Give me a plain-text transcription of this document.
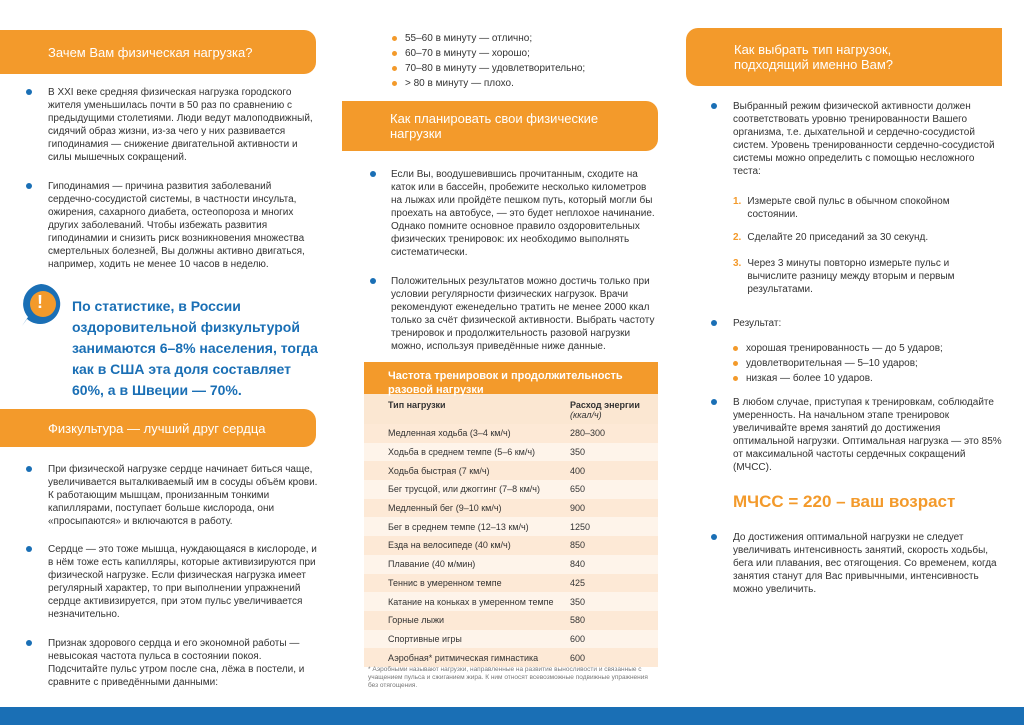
Зачем Вам физическая нагрузка?
В XXI веке средняя физическая нагрузка городского жителя уменьшилась почти в 50 раз по сравнению с предыдущими столетиями. Люди ведут малоподвижный, сидячий образ жизни, из-за чего у них развивается гиподинамия — снижение двигательной активности и силы мышечных сокращений.
Гиподинамия — причина развития заболеваний сердечно-сосудистой системы, в частности инсульта, ожирения, сахарного диабета, остеопороза и многих других заболеваний. Чтобы избежать развития гиподинамии и снизить риск возникновения множества смертельных болезней, Вы должны активно двигаться, например, ходить не менее 10 часов в неделю.
! По статистике, в России оздоровительной физкультурой занимаются 6–8% населения, тогда как в США эта доля составляет 60%, а в Швеции — 70%.
Физкультура — лучший друг сердца
При физической нагрузке сердце начинает биться чаще, увеличивается выталкиваемый им в сосуды объём крови. К работающим мышцам, пронизанным тонкими капиллярами, поступает больше кислорода, они «просыпаются» и включаются в работу.
Сердце — это тоже мышца, нуждающаяся в кислороде, и в нём тоже есть капилляры, которые активизируются при физической нагрузке. Если физическая нагрузка имеет регулярный характер, то при выполнении упражнений сердце активизируется, при этом пульс увеличивается незначительно.
Признак здорового сердца и его экономной работы — невысокая частота пульса в состоянии покоя. Подсчитайте пульс утром после сна, лёжа в постели, и сравните с приведёнными данными:
55–60 в минуту — отлично;
60–70 в минуту — хорошо;
70–80 в минуту — удовлетворительно;
> 80 в минуту — плохо.
Как планировать свои физические нагрузки
Если Вы, воодушевившись прочитанным, сходите на каток или в бассейн, пробежите несколько километров на лыжах или пройдёте пешком путь, который могли бы проехать на автобусе, — это будет неплохое начинание. Однако помните основное правило оздоровительных физических тренировок: их необходимо выполнять систематически.
Положительных результатов можно достичь только при условии регулярности физических нагрузок. Врачи рекомендуют еженедельно тратить не менее 2000 ккал только за счёт физической активности. Выбрать частоту тренировок и продолжительность разовой нагрузки можно, используя приведённые ниже данные.
Частота тренировок и продолжительность разовой нагрузки
Тип нагрузки	Расход энергии
(ккал/ч)
Медленная ходьба (3–4 км/ч)	280–300
Ходьба в среднем темпе (5–6 км/ч)	350
Ходьба быстрая (7 км/ч)	400
Бег трусцой, или джоггинг (7–8 км/ч)	650
Медленный бег (9–10 км/ч)	900
Бег в среднем темпе (12–13 км/ч)	1250
Езда на велосипеде (40 км/ч)	850
Плавание (40 м/мин)	840
Теннис в умеренном темпе	425
Катание на коньках в умеренном темпе	350
Горные лыжи	580
Спортивные игры	600
Аэробная* ритмическая гимнастика	600
* Аэробными называют нагрузки, направленные на развитие выносливости и связанные с учащением пульса и сжиганием жира. К ним относят всевозможные подвижные упражнения без отягощения.
Как выбрать тип нагрузок, подходящий именно Вам?
Выбранный режим физической активности должен соответствовать уровню тренированности Вашего организма, т.е. дыхательной и сердечно-сосудистой систем. Уровень тренированности сердечно-сосудистой системы можно определить с помощью несложного теста:
1. Измерьте свой пульс в обычном спокойном состоянии.
2. Сделайте 20 приседаний за 30 секунд.
3. Через 3 минуты повторно измерьте пульс и вычислите разницу между вторым и первым результатами.
Результат:
хорошая тренированность — до 5 ударов;
удовлетворительная — 5–10 ударов;
низкая — более 10 ударов.
В любом случае, приступая к тренировкам, соблюдайте умеренность. На начальном этапе тренировок увеличивайте время занятий до достижения оптимальной нагрузки. Оптимальная нагрузка — это 85% от максимальной частоты сердечных сокращений (МЧСС).
МЧСС = 220 – ваш возраст
До достижения оптимальной нагрузки не следует увеличивать интенсивность занятий, скорость ходьбы, бега или плавания, вес отягощения. Со временем, когда занятия станут для Вас привычными, интенсивность можно увеличить.
